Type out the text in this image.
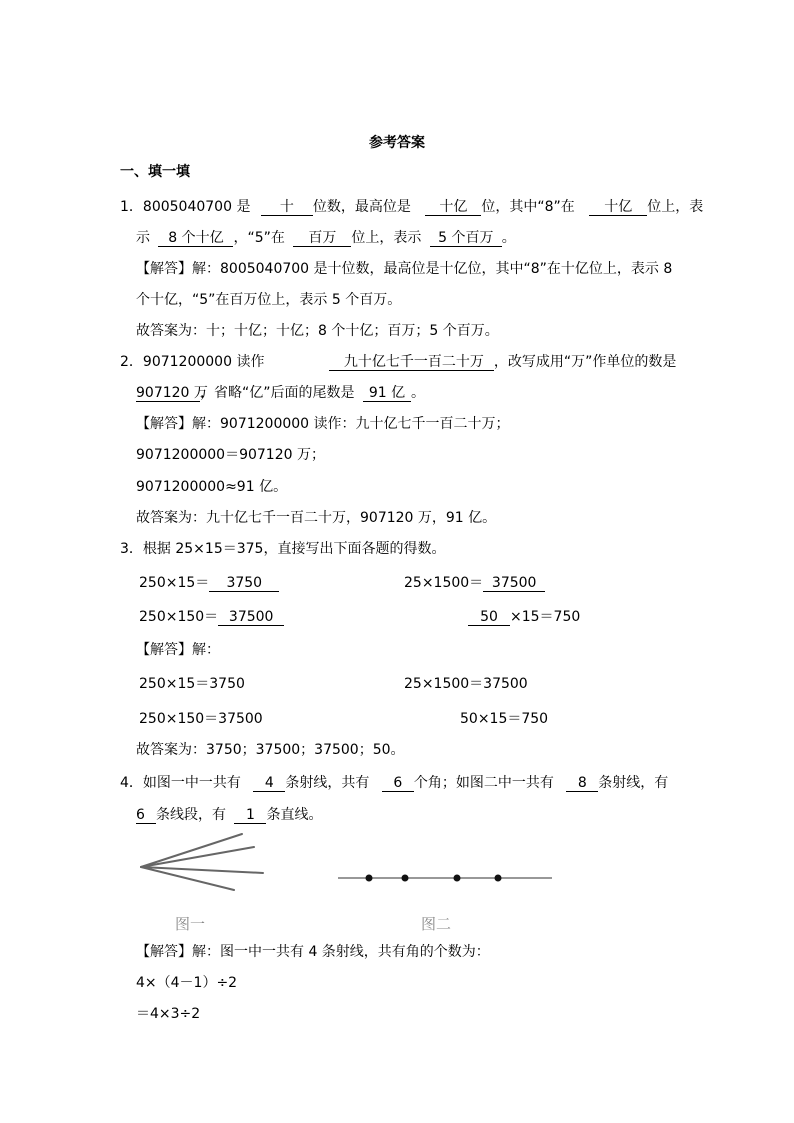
参考答案
一、填一填
1．8005040700 是 十 位数，最高位是 十亿 位，其中“8”在 十亿 位上，表
示 8 个十亿 ，“5”在 百万 位上，表示 5 个百万 。
【解答】解：8005040700 是十位数，最高位是十亿位，其中“8”在十亿位上，表示 8
个十亿，“5”在百万位上，表示 5 个百万。
故答案为：十；十亿；十亿；8 个十亿；百万；5 个百万。
2．9071200000 读作	九十亿七千一百二十万 ，改写成用“万”作单位的数是
907120 万，省略“亿”后面的尾数是 91 亿 。
【解答】解：9071200000 读作：九十亿七千一百二十万；
9071200000＝907120 万；
9071200000≈91 亿。
故答案为：九十亿七千一百二十万，907120 万，91 亿。
3．根据 25×15＝375，直接写出下面各题的得数。
250×15＝ 3750	25×1500＝ 37500
250×150＝ 37500	50 ×15＝750
【解答】解：
250×15＝3750	25×1500＝37500
250×150＝37500	50×15＝750
故答案为：3750；37500；37500；50。
4．如图一中一共有 4 条射线，共有 6 个角；如图二中一共有 8 条射线，有
6 条线段，有 1 条直线。
图一	图二
【解答】解：图一中一共有 4 条射线，共有角的个数为：
4×（4－1）÷2
＝4×3÷2
